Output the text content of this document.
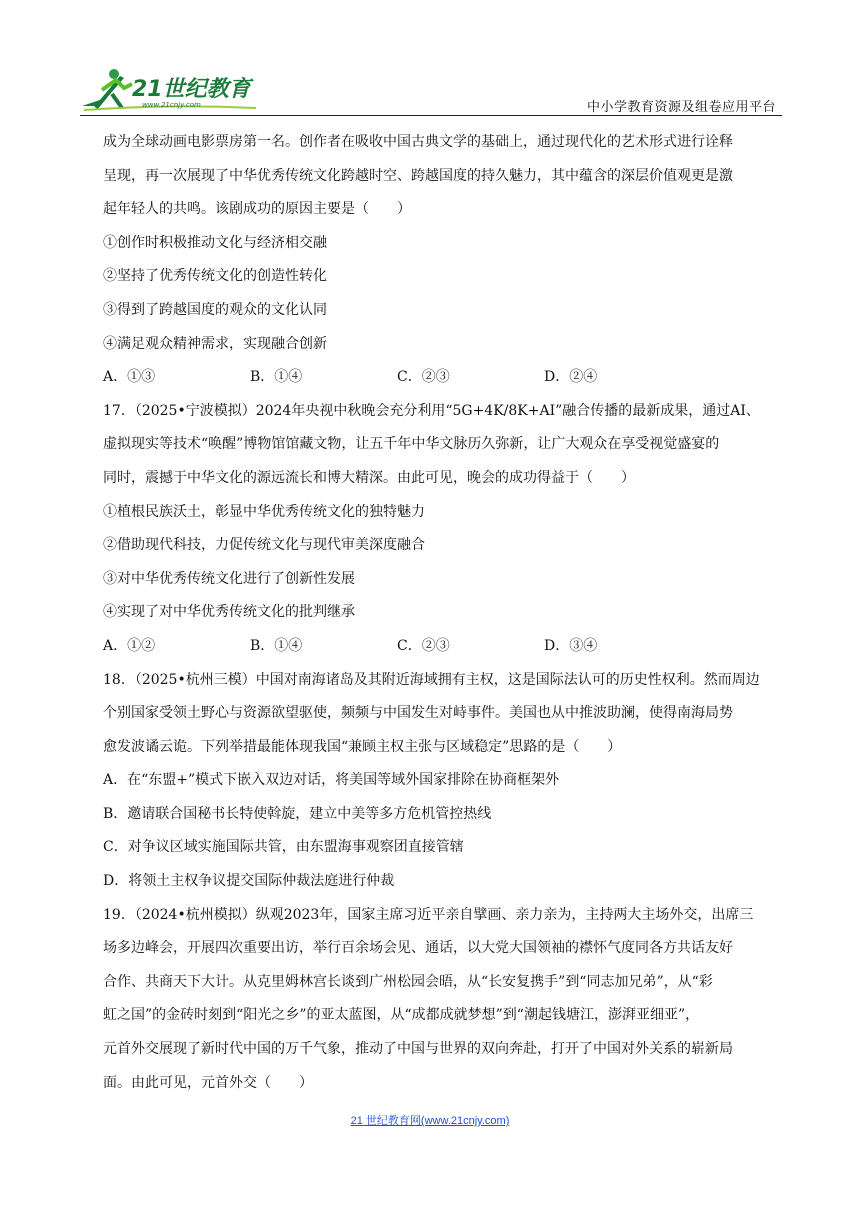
21世纪教育
www.21cnjy.com	中小学教育资源及组卷应用平台
成为全球动画电影票房第一名。创作者在吸收中国古典文学的基础上，通过现代化的艺术形式进行诠释
呈现，再一次展现了中华优秀传统文化跨越时空、跨越国度的持久魅力，其中蕴含的深层价值观更是激
起年轻人的共鸣。该剧成功的原因主要是（　　）
①创作时积极推动文化与经济相交融
②坚持了优秀传统文化的创造性转化
③得到了跨越国度的观众的文化认同
④满足观众精神需求，实现融合创新
A．①③	B．①④	C．②③	D．②④
17．（2025•宁波模拟）2024年央视中秋晚会充分利用“5G+4K/8K+AI”融合传播的最新成果，通过AI、
虚拟现实等技术“唤醒”博物馆馆藏文物，让五千年中华文脉历久弥新，让广大观众在享受视觉盛宴的
同时，震撼于中华文化的源远流长和博大精深。由此可见，晚会的成功得益于（　　）
①植根民族沃土，彰显中华优秀传统文化的独特魅力
②借助现代科技，力促传统文化与现代审美深度融合
③对中华优秀传统文化进行了创新性发展
④实现了对中华优秀传统文化的批判继承
A．①②	B．①④	C．②③	D．③④
18．（2025•杭州三模）中国对南海诸岛及其附近海域拥有主权，这是国际法认可的历史性权利。然而周边
个别国家受领土野心与资源欲望驱使，频频与中国发生对峙事件。美国也从中推波助澜，使得南海局势
愈发波谲云诡。下列举措最能体现我国“兼顾主权主张与区域稳定”思路的是（　　）
A．在“东盟+”模式下嵌入双边对话，将美国等域外国家排除在协商框架外
B．邀请联合国秘书长特使斡旋，建立中美等多方危机管控热线
C．对争议区域实施国际共管，由东盟海事观察团直接管辖
D．将领土主权争议提交国际仲裁法庭进行仲裁
19．（2024•杭州模拟）纵观2023年，国家主席习近平亲自擘画、亲力亲为，主持两大主场外交，出席三
场多边峰会，开展四次重要出访，举行百余场会见、通话，以大党大国领袖的襟怀气度同各方共话友好
合作、共商天下大计。从克里姆林宫长谈到广州松园会晤，从“长安复携手”到“同志加兄弟”，从“彩
虹之国”的金砖时刻到“阳光之乡”的亚太蓝图，从“成都成就梦想”到“潮起钱塘江，澎湃亚细亚”，
元首外交展现了新时代中国的万千气象，推动了中国与世界的双向奔赴，打开了中国对外关系的崭新局
面。由此可见，元首外交（　　）
21 世纪教育网(www.21cnjy.com)
